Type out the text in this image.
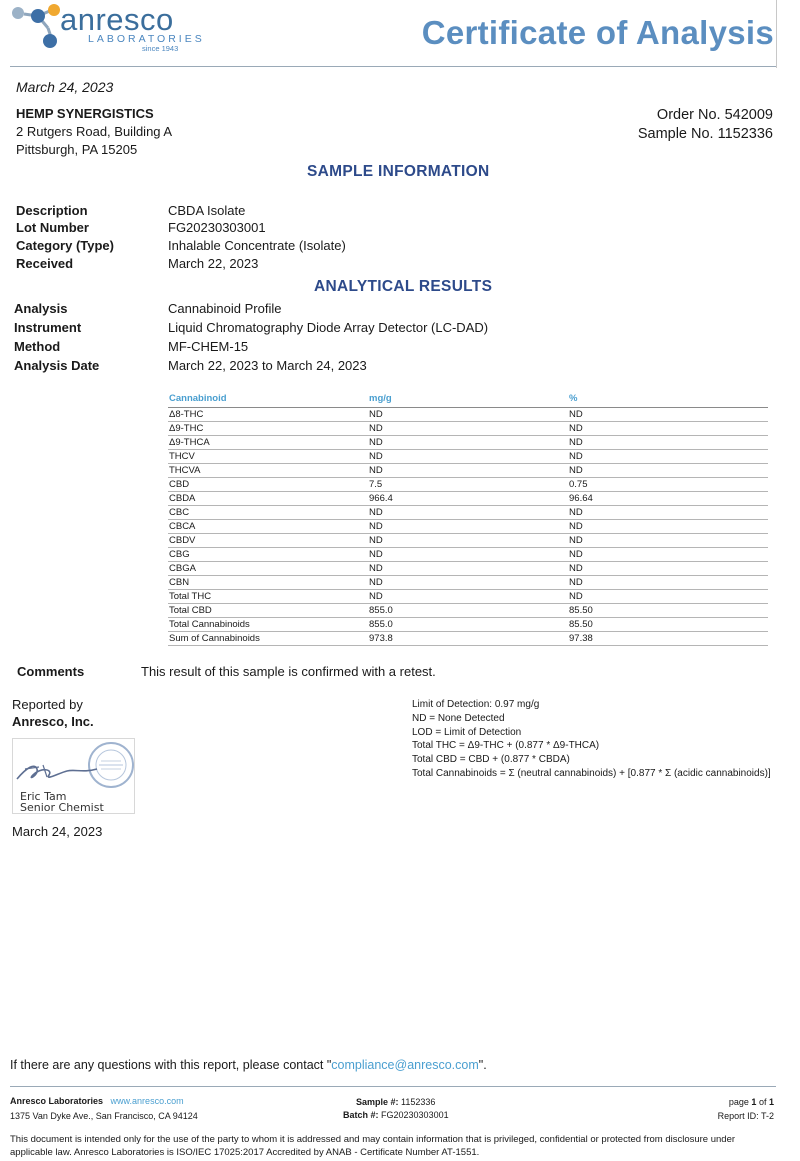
anresco
LABORATORIES
since 1943	Certificate of Analysis
March 24, 2023
HEMP SYNERGISTICS
2 Rutgers Road, Building A
Pittsburgh, PA 15205
Order No. 542009
Sample No. 1152336
SAMPLE INFORMATION
Description	CBDA Isolate
Lot Number	FG20230303001
Category (Type)	Inhalable Concentrate (Isolate)
Received	March 22, 2023
ANALYTICAL RESULTS
Analysis	Cannabinoid Profile
Instrument	Liquid Chromatography Diode Array Detector (LC-DAD)
Method	MF-CHEM-15
Analysis Date	March 22, 2023 to March 24, 2023
Cannabinoid	mg/g	%
Δ8-THC	ND	ND
Δ9-THC	ND	ND
Δ9-THCA	ND	ND
THCV	ND	ND
THCVA	ND	ND
CBD	7.5	0.75
CBDA	966.4	96.64
CBC	ND	ND
CBCA	ND	ND
CBDV	ND	ND
CBG	ND	ND
CBGA	ND	ND
CBN	ND	ND
Total THC	ND	ND
Total CBD	855.0	85.50
Total Cannabinoids	855.0	85.50
Sum of Cannabinoids	973.8	97.38
Comments	This result of this sample is confirmed with a retest.
Reported by
Anresco, Inc.
Eric Tam
Senior Chemist
March 24, 2023
Limit of Detection: 0.97 mg/g
ND = None Detected
LOD = Limit of Detection
Total THC = Δ9-THC + (0.877 * Δ9-THCA)
Total CBD = CBD + (0.877 * CBDA)
Total Cannabinoids = Σ (neutral cannabinoids) + [0.877 * Σ (acidic cannabinoids)]
If there are any questions with this report, please contact "compliance@anresco.com".
Anresco Laboratories www.anresco.com
1375 Van Dyke Ave., San Francisco, CA 94124
Sample #: 1152336
Batch #: FG20230303001
page 1 of 1
Report ID: T-2
This document is intended only for the use of the party to whom it is addressed and may contain information that is privileged, confidential or protected from disclosure under applicable law. Anresco Laboratories is ISO/IEC 17025:2017 Accredited by ANAB - Certificate Number AT-1551.
